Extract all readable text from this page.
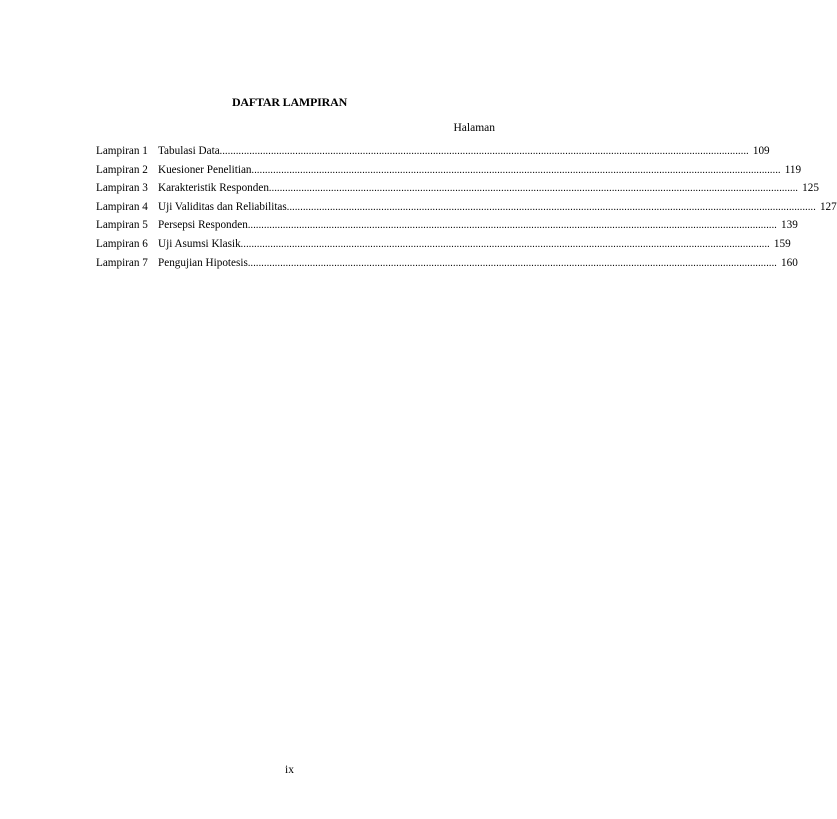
DAFTAR LAMPIRAN
Halaman
Lampiran 1 Tabulasi Data .................................................................................................................................................................................................... 109
Lampiran 2 Kuesioner Penelitian .................................................................................................................................................................................................... 119
Lampiran 3 Karakteristik Responden .................................................................................................................................................................................................... 125
Lampiran 4 Uji Validitas dan Reliabilitas .................................................................................................................................................................................................... 127
Lampiran 5 Persepsi Responden .................................................................................................................................................................................................... 139
Lampiran 6 Uji Asumsi Klasik .................................................................................................................................................................................................... 159
Lampiran 7 Pengujian Hipotesis .................................................................................................................................................................................................... 160
ix
